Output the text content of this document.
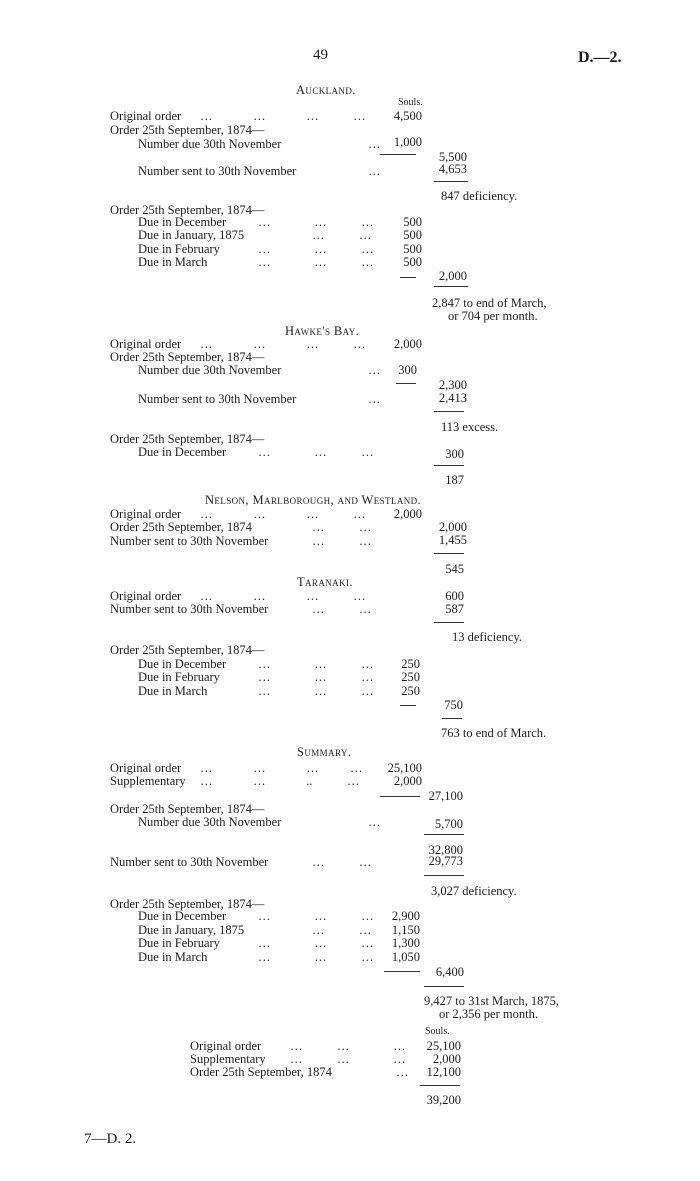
49	D.—2.
Auckland.
Souls.
Original order …             …             …           … 4,500
Order 25th September, 1874—
Number due 30th November	… 1,000
5,500
Number sent to 30th November	…	4,653
847 deficiency.
Order 25th September, 1874—
Due in December	…              …           … 500
Due in January, 1875	…           …	500
Due in February	…              …           … 500
Due in March	…              …           … 500
2,000
2,847 to end of March,
or 704 per month.
Hawke's Bay.
Original order …             …             …           … 2,000
Order 25th September, 1874—
Number due 30th November	… 300
2,300
Number sent to 30th November	…	2,413
113 excess.
Order 25th September, 1874—
Due in December	…              …           …	300
187
Nelson, Marlborough, and Westland.
Original order …             …             …           … 2,000
Order 25th September, 1874	…           …	2,000
Number sent to 30th November	…           …	1,455
545
Taranaki.
Original order …             …             …           …	600
Number sent to 30th November	…           …	587
13 deficiency.
Order 25th September, 1874—
Due in December	…              …           … 250
Due in February	…              …           … 250
Due in March	…              …           … 250
750
763 to end of March.
Summary.
Original order …             …             …          … 25,100
Supplementary …             …             ..           …	2,000
27,100
Order 25th September, 1874—
Number due 30th November	…	5,700
32,800
Number sent to 30th November	…           …	29,773
3,027 deficiency.
Order 25th September, 1874—
Due in December	…              …           … 2,900
Due in January, 1875	…           … 1,150
Due in February	…              …           … 1,300
Due in March	…              …           … 1,050
6,400
9,427 to 31st March, 1875,
or 2,356 per month.
Souls.
Original order …           …              … 25,100
Supplementary …           …              … 2,000
Order 25th September, 1874	… 12,100
39,200
7—D. 2.
